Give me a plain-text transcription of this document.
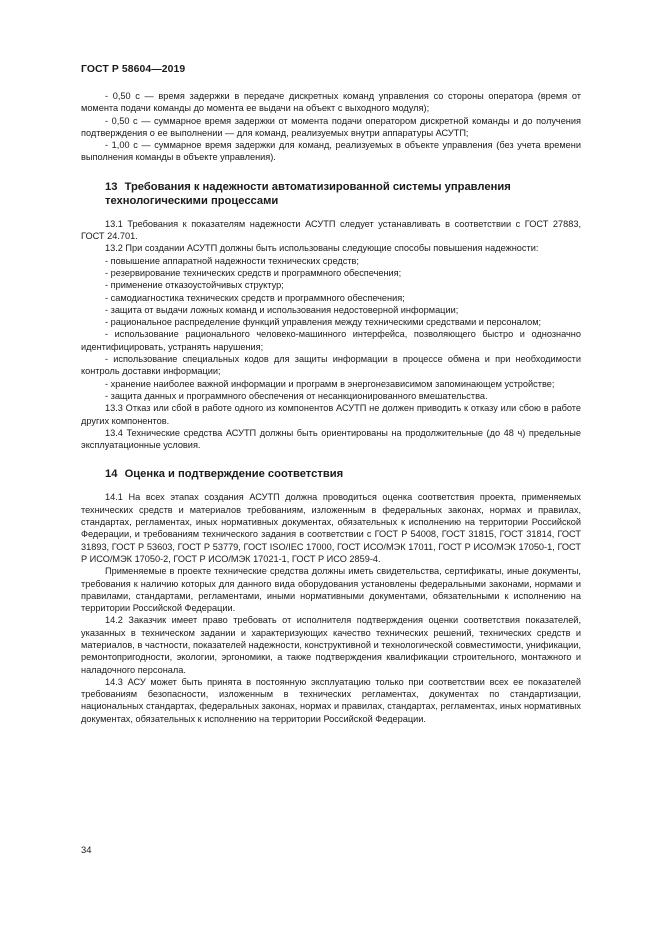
ГОСТ Р 58604—2019

- 0,50 с — время задержки в передаче дискретных команд управления со стороны оператора (время от момента подачи команды до момента ее выдачи на объект с выходного модуля);

- 0,50 с — суммарное время задержки от момента подачи оператором дискретной команды и до получения подтверждения о ее выполнении — для команд, реализуемых внутри аппаратуры АСУТП;

- 1,00 с — суммарное время задержки для команд, реализуемых в объекте управления (без учета времени выполнения команды в объекте управления).

13 Требования к надежности автоматизированной системы управления технологическими процессами

13.1 Требования к показателям надежности АСУТП следует устанавливать в соответствии с ГОСТ 27883, ГОСТ 24.701.

13.2 При создании АСУТП должны быть использованы следующие способы повышения надежности:

- повышение аппаратной надежности технических средств;

- резервирование технических средств и программного обеспечения;

- применение отказоустойчивых структур;

- самодиагностика технических средств и программного обеспечения;

- защита от выдачи ложных команд и использования недостоверной информации;

- рациональное распределение функций управления между техническими средствами и персоналом;

- использование рационального человеко-машинного интерфейса, позволяющего быстро и однозначно идентифицировать, устранять нарушения;

- использование специальных кодов для защиты информации в процессе обмена и при необходимости контроль доставки информации;

- хранение наиболее важной информации и программ в энергонезависимом запоминающем устройстве;

- защита данных и программного обеспечения от несанкционированного вмешательства.

13.3 Отказ или сбой в работе одного из компонентов АСУТП не должен приводить к отказу или сбою в работе других компонентов.

13.4 Технические средства АСУТП должны быть ориентированы на продолжительные (до 48 ч) предельные эксплуатационные условия.

14 Оценка и подтверждение соответствия

14.1 На всех этапах создания АСУТП должна проводиться оценка соответствия проекта, применяемых технических средств и материалов требованиям, изложенным в федеральных законах, нормах и правилах, стандартах, регламентах, иных нормативных документах, обязательных к исполнению на территории Российской Федерации, и требованиям технического задания в соответствии с ГОСТ Р 54008, ГОСТ 31815, ГОСТ 31814, ГОСТ 31893, ГОСТ Р 53603, ГОСТ Р 53779, ГОСТ ISO/IEC 17000, ГОСТ ИСО/МЭК 17011, ГОСТ Р ИСО/МЭК 17050-1, ГОСТ Р ИСО/МЭК 17050-2, ГОСТ Р ИСО/МЭК 17021-1, ГОСТ Р ИСО 2859-4.

Применяемые в проекте технические средства должны иметь свидетельства, сертификаты, иные документы, требования к наличию которых для данного вида оборудования установлены федеральными законами, нормами и правилами, стандартами, регламентами, иными нормативными документами, обязательными к исполнению на территории Российской Федерации.

14.2 Заказчик имеет право требовать от исполнителя подтверждения оценки соответствия показателей, указанных в техническом задании и характеризующих качество технических решений, технических средств и материалов, в частности, показателей надежности, конструктивной и технологической совместимости, унификации, ремонтопригодности, экологии, эргономики, а также подтверждения квалификации строительного, монтажного и наладочного персонала.

14.3 АСУ может быть принята в постоянную эксплуатацию только при соответствии всех ее показателей требованиям безопасности, изложенным в технических регламентах, документах по стандартизации, национальных стандартах, федеральных законах, нормах и правилах, стандартах, регламентах, иных нормативных документах, обязательных к исполнению на территории Российской Федерации.

34
